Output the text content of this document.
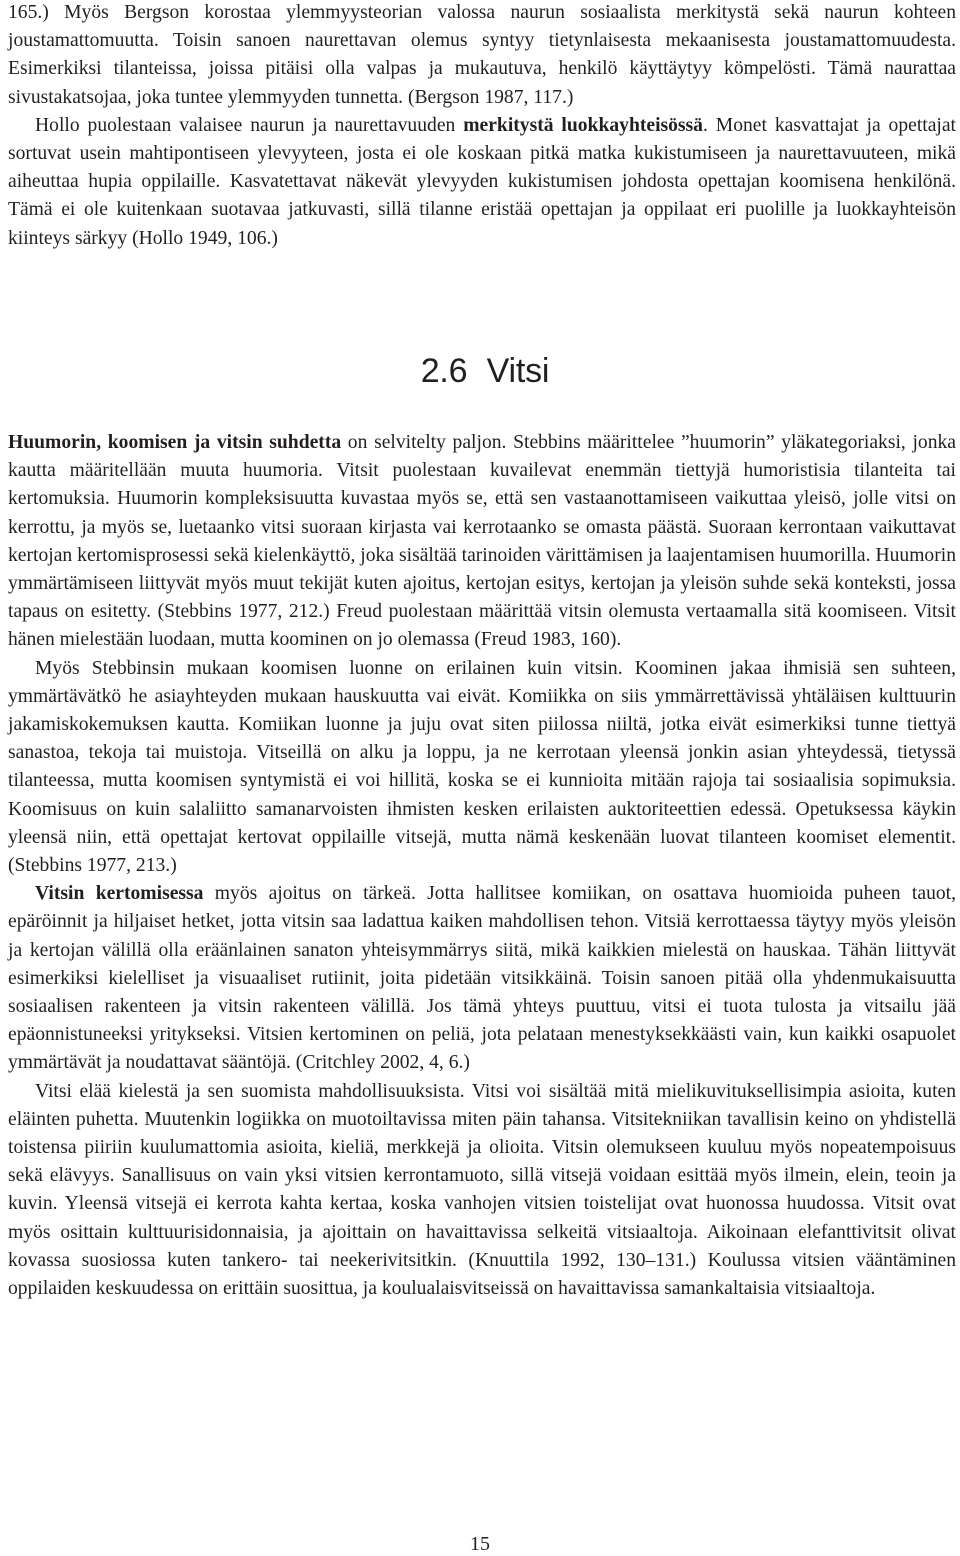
165.) Myös Bergson korostaa ylemmyysteorian valossa naurun sosiaalista merkitystä sekä naurun kohteen joustamattomuutta. Toisin sanoen naurettavan olemus syntyy tietynlaisesta mekaanisesta joustamattomuudesta. Esimerkiksi tilanteissa, joissa pitäisi olla valpas ja mukautuva, henkilö käyttäytyy kömpelösti. Tämä naurattaa sivustakatsojaa, joka tuntee ylemmyyden tunnetta. (Bergson 1987, 117.)

Hollo puolestaan valaisee naurun ja naurettavuuden merkitystä luokkayhteisössä. Monet kasvattajat ja opettajat sortuvat usein mahtipontiseen ylevyyteen, josta ei ole koskaan pitkä matka kukistumiseen ja naurettavuuteen, mikä aiheuttaa hupia oppilaille. Kasvatettavat näkevät ylevyyden kukistumisen johdosta opettajan koomisena henkilönä. Tämä ei ole kuitenkaan suotavaa jatkuvasti, sillä tilanne eristää opettajan ja oppilaat eri puolille ja luokkayhteisön kiinteys särkyy (Hollo 1949, 106.)

2.6 Vitsi

Huumorin, koomisen ja vitsin suhdetta on selvitelty paljon. Stebbins määrittelee ”huumorin” yläkategoriaksi, jonka kautta määritellään muuta huumoria. Vitsit puolestaan kuvailevat enemmän tiettyjä humoristisia tilanteita tai kertomuksia. Huumorin kompleksisuutta kuvastaa myös se, että sen vastaanottamiseen vaikuttaa yleisö, jolle vitsi on kerrottu, ja myös se, luetaanko vitsi suoraan kirjasta vai kerrotaanko se omasta päästä. Suoraan kerrontaan vaikuttavat kertojan kertomisprosessi sekä kielenkäyttö, joka sisältää tarinoiden värittämisen ja laajentamisen huumorilla. Huumorin ymmärtämiseen liittyvät myös muut tekijät kuten ajoitus, kertojan esitys, kertojan ja yleisön suhde sekä konteksti, jossa tapaus on esitetty. (Stebbins 1977, 212.) Freud puolestaan määrittää vitsin olemusta vertaamalla sitä koomiseen. Vitsit hänen mielestään luodaan, mutta koominen on jo olemassa (Freud 1983, 160).

Myös Stebbinsin mukaan koomisen luonne on erilainen kuin vitsin. Koominen jakaa ihmisiä sen suhteen, ymmärtävätkö he asiayhteyden mukaan hauskuutta vai eivät. Komiikka on siis ymmärrettävissä yhtäläisen kulttuurin jakamiskokemuksen kautta. Komiikan luonne ja juju ovat siten piilossa niiltä, jotka eivät esimerkiksi tunne tiettyä sanastoa, tekoja tai muistoja. Vitseillä on alku ja loppu, ja ne kerrotaan yleensä jonkin asian yhteydessä, tietyssä tilanteessa, mutta koomisen syntymistä ei voi hillitä, koska se ei kunnioita mitään rajoja tai sosiaalisia sopimuksia. Koomisuus on kuin salaliitto samanarvoisten ihmisten kesken erilaisten auktoriteettien edessä. Opetuksessa käykin yleensä niin, että opettajat kertovat oppilaille vitsejä, mutta nämä keskenään luovat tilanteen koomiset elementit. (Stebbins 1977, 213.)

Vitsin kertomisessa myös ajoitus on tärkeä. Jotta hallitsee komiikan, on osattava huomioida puheen tauot, epäröinnit ja hiljaiset hetket, jotta vitsin saa ladattua kaiken mahdollisen tehon. Vitsiä kerrottaessa täytyy myös yleisön ja kertojan välillä olla eräänlainen sanaton yhteisymmärrys siitä, mikä kaikkien mielestä on hauskaa. Tähän liittyvät esimerkiksi kielelliset ja visuaaliset rutiinit, joita pidetään vitsikkäinä. Toisin sanoen pitää olla yhdenmukaisuutta sosiaalisen rakenteen ja vitsin rakenteen välillä. Jos tämä yhteys puuttuu, vitsi ei tuota tulosta ja vitsailu jää epäonnistuneeksi yritykseksi. Vitsien kertominen on peliä, jota pelataan menestyksekkäästi vain, kun kaikki osapuolet ymmärtävät ja noudattavat sääntöjä. (Critchley 2002, 4, 6.)

Vitsi elää kielestä ja sen suomista mahdollisuuksista. Vitsi voi sisältää mitä mielikuvituksellisimpia asioita, kuten eläinten puhetta. Muutenkin logiikka on muotoiltavissa miten päin tahansa. Vitsitekniikan tavallisin keino on yhdistellä toistensa piiriin kuulumattomia asioita, kieliä, merkkejä ja olioita. Vitsin olemukseen kuuluu myös nopeatempoisuus sekä elävyys. Sanallisuus on vain yksi vitsien kerrontamuoto, sillä vitsejä voidaan esittää myös ilmein, elein, teoin ja kuvin. Yleensä vitsejä ei kerrota kahta kertaa, koska vanhojen vitsien toistelijat ovat huonossa huudossa. Vitsit ovat myös osittain kulttuurisidonnaisia, ja ajoittain on havaittavissa selkeitä vitsiaaltoja. Aikoinaan elefanttivitsit olivat kovassa suosiossa kuten tankero- tai neekerivitsitkin. (Knuuttila 1992, 130–131.) Koulussa vitsien vääntäminen oppilaiden keskuudessa on erittäin suosittua, ja koulualaisvitseissä on havaittavissa samankaltaisia vitsiaaltoja.

15
